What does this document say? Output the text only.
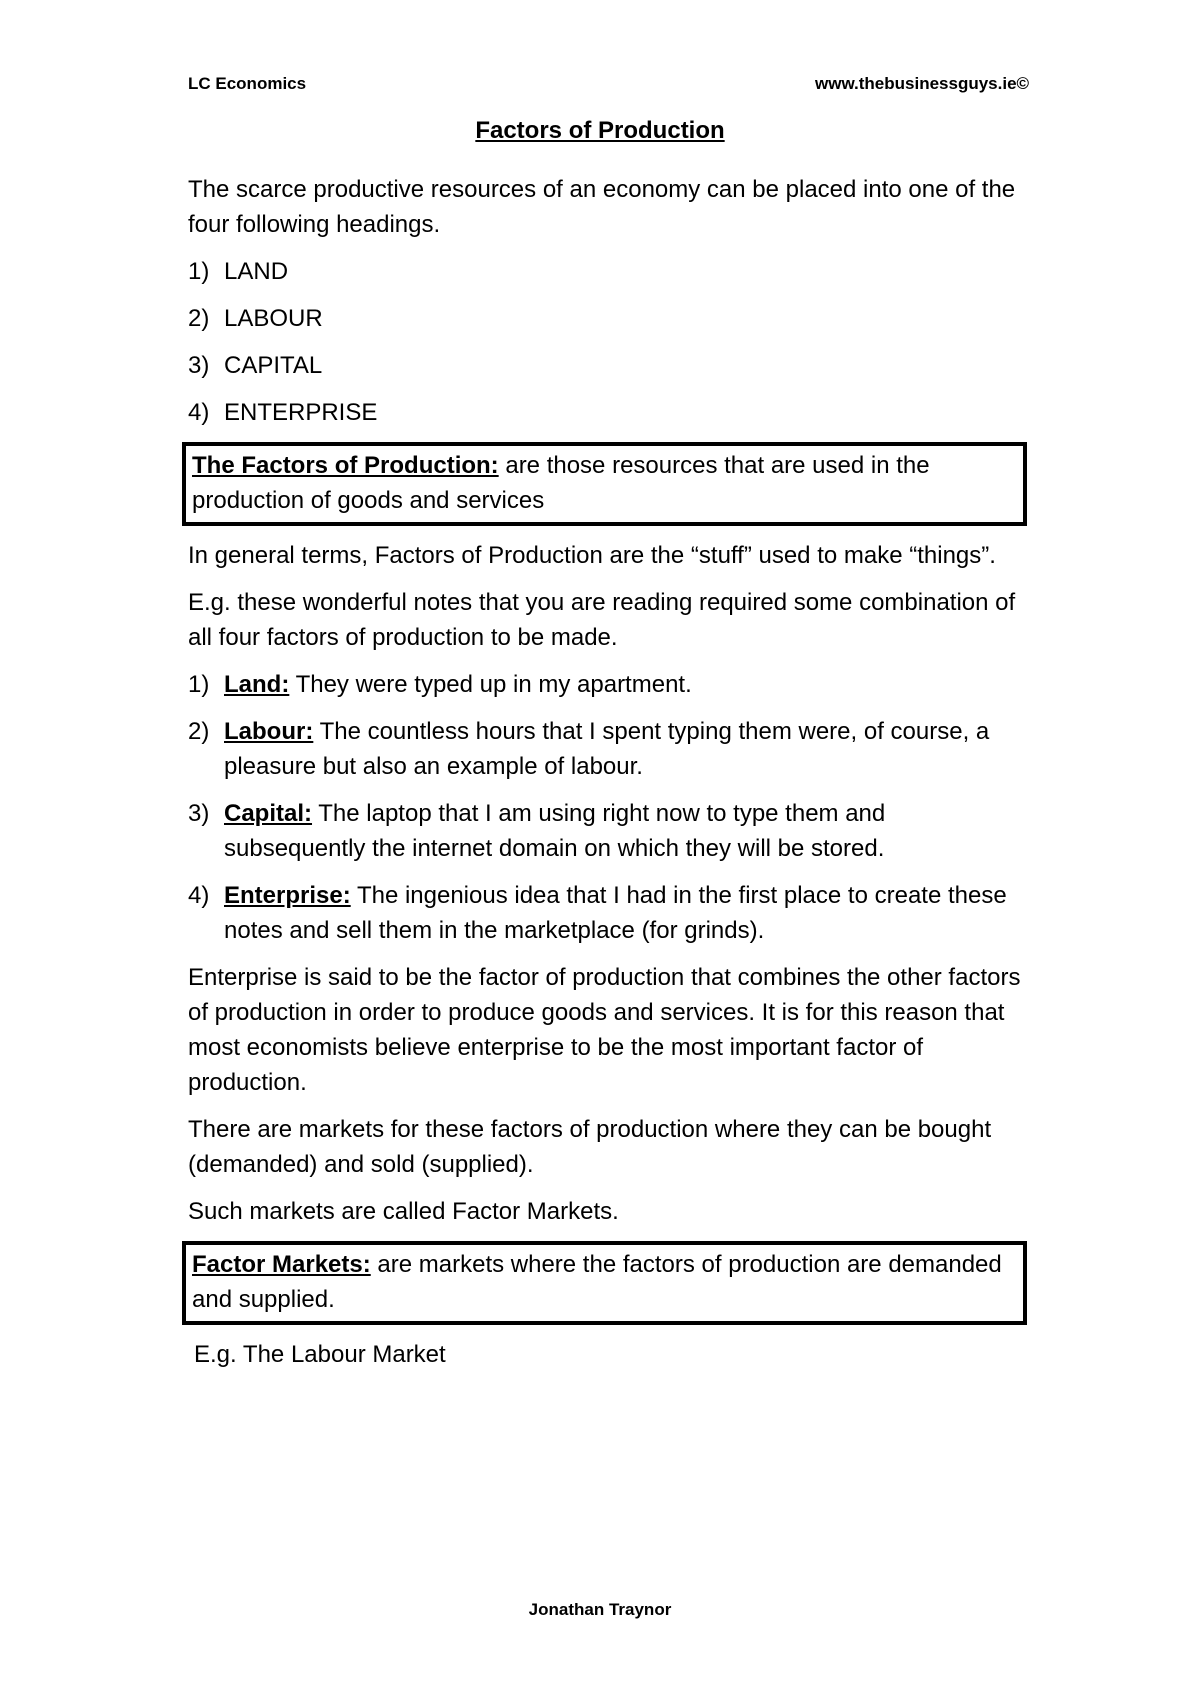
LC Economics	www.thebusinessguys.ie©
Factors of Production

The scarce productive resources of an economy can be placed into one of the four following headings.

1) LAND
2) LABOUR
3) CAPITAL
4) ENTERPRISE
The Factors of Production: are those resources that are used in the production of goods and services

In general terms, Factors of Production are the “stuff” used to make “things”.

E.g. these wonderful notes that you are reading required some combination of all four factors of production to be made.

1) Land: They were typed up in my apartment.
2) Labour: The countless hours that I spent typing them were, of course, a pleasure but also an example of labour.
3) Capital: The laptop that I am using right now to type them and subsequently the internet domain on which they will be stored.
4) Enterprise: The ingenious idea that I had in the first place to create these notes and sell them in the marketplace (for grinds).

Enterprise is said to be the factor of production that combines the other factors of production in order to produce goods and services. It is for this reason that most economists believe enterprise to be the most important factor of production.

There are markets for these factors of production where they can be bought (demanded) and sold (supplied).

Such markets are called Factor Markets.

Factor Markets: are markets where the factors of production are demanded and supplied.

E.g. The Labour Market

Jonathan Traynor
